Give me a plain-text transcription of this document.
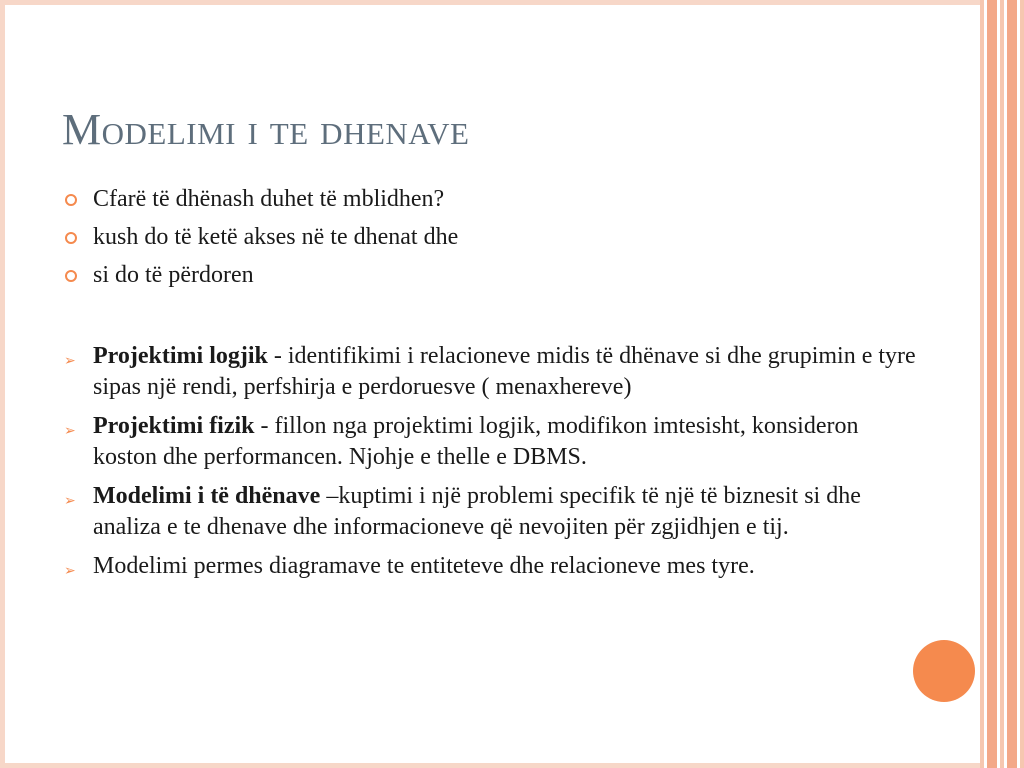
Modelimi i te dhenave
Cfarë të dhënash duhet të mblidhen?
kush do të ketë akses në te dhenat dhe
si do të përdoren
➢
Projektimi logjik - identifikimi i relacioneve midis të dhënave si dhe grupimin e tyre sipas një rendi, perfshirja e perdoruesve ( menaxhereve)
➢
Projektimi fizik - fillon nga projektimi logjik, modifikon imtesisht, konsideron koston dhe performancen. Njohje e thelle e DBMS.
➢
Modelimi i të dhënave –kuptimi i një problemi specifik të një të biznesit si dhe analiza e te dhenave dhe informacioneve që nevojiten për zgjidhjen e tij.
➢
Modelimi permes diagramave te entiteteve dhe relacioneve mes tyre.
